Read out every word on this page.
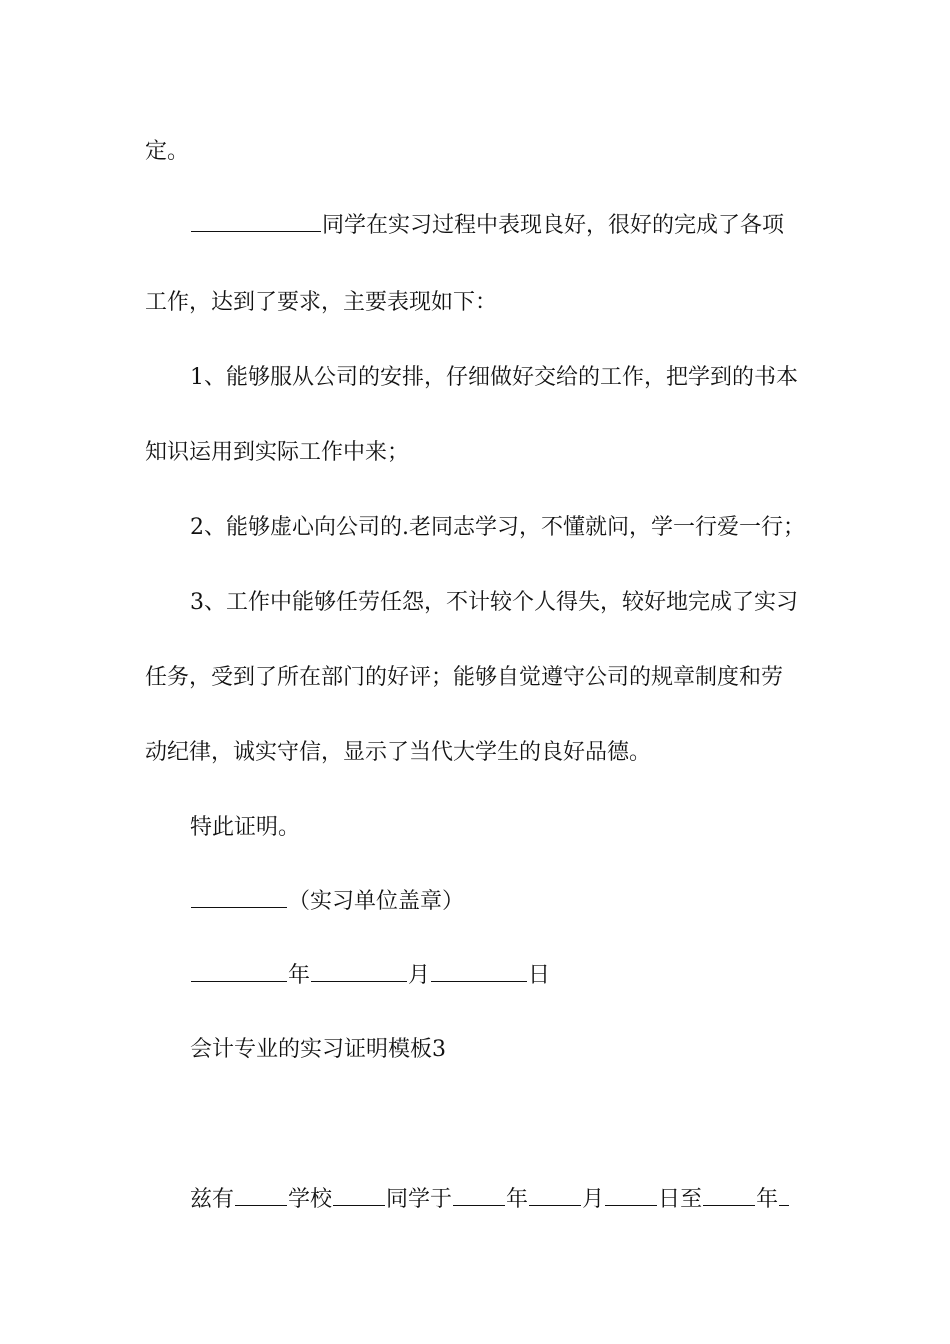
定。
同学在实习过程中表现良好，很好的完成了各项
工作，达到了要求，主要表现如下：
1、能够服从公司的安排，仔细做好交给的工作，把学到的书本
知识运用到实际工作中来；
2、能够虚心向公司的.老同志学习，不懂就问，学一行爱一行；
3、工作中能够任劳任怨，不计较个人得失，较好地完成了实习
任务，受到了所在部门的好评；能够自觉遵守公司的规章制度和劳
动纪律，诚实守信，显示了当代大学生的良好品德。
特此证明。
（实习单位盖章）
年	月	日
会计专业的实习证明模板3
兹有 学校 同学于 年 月 日至 年
